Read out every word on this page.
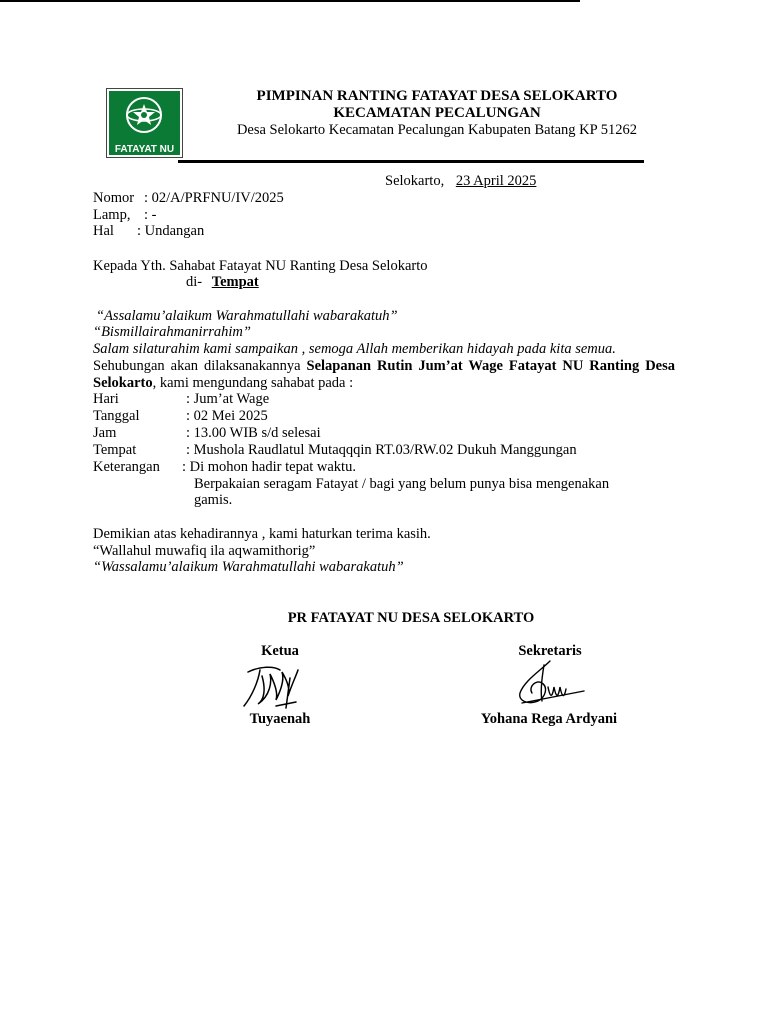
FATAYAT NU
PIMPINAN RANTING FATAYAT DESA SELOKARTO
KECAMATAN PECALUNGAN
Desa Selokarto Kecamatan Pecalungan Kabupaten Batang KP 51262
Selokarto, 23 April 2025
Nomor : 02/A/PRFNU/IV/2025
Lamp, : -
Hal : Undangan
Kepada Yth. Sahabat Fatayat NU Ranting Desa Selokarto
di- Tempat
“Assalamu’alaikum Warahmatullahi wabarakatuh”
“Bismillairahmanirrahim”
Salam silaturahim kami sampaikan , semoga Allah memberikan hidayah pada kita semua.
Sehubungan akan dilaksanakannya Selapanan Rutin Jum’at Wage Fatayat NU Ranting Desa Selokarto, kami mengundang sahabat pada :
Hari	: Jum’at Wage
Tanggal	: 02 Mei 2025
Jam	: 13.00 WIB s/d selesai
Tempat	: Mushola Raudlatul Mutaqqqin RT.03/RW.02 Dukuh Manggungan
Keterangan : Di mohon hadir tepat waktu.
Berpakaian seragam Fatayat / bagi yang belum punya bisa mengenakan
gamis.
Demikian atas kehadirannya , kami haturkan terima kasih.
“Wallahul muwafiq ila aqwamithorig”
“Wassalamu’alaikum Warahmatullahi wabarakatuh”
PR FATAYAT NU DESA SELOKARTO
Ketua	Sekretaris
Tuyaenah	Yohana Rega Ardyani
